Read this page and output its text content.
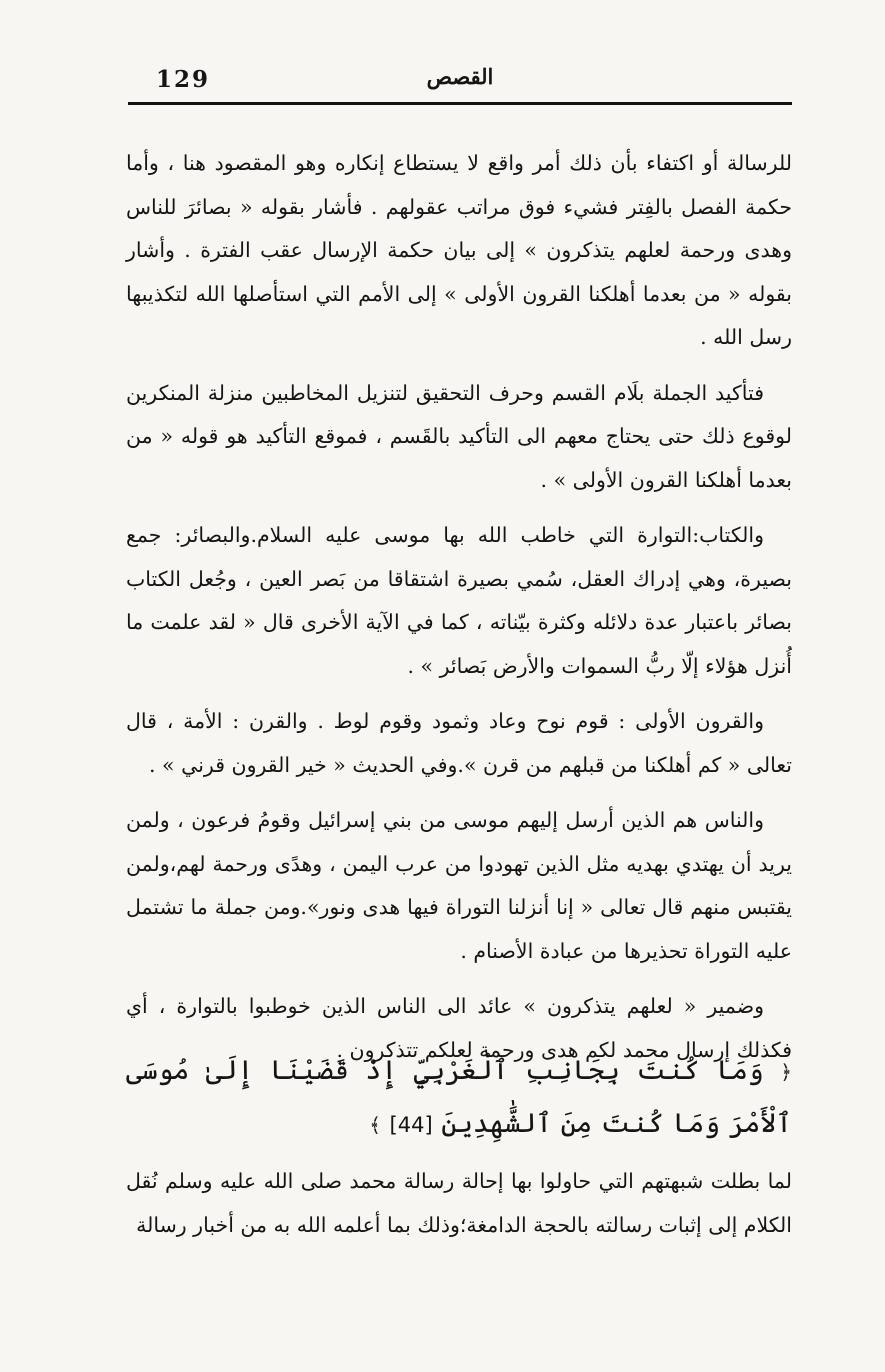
القصص
129

للرسالة أو اكتفاء بأن ذلك أمر واقع لا يستطاع إنكاره وهو المقصود هنا ، وأما حكمة الفصل بالفِتر فشيء فوق مراتب عقولهم . فأشار بقوله « بصائرَ للناس وهدى ورحمة لعلهم يتذكرون » إلى بيان حكمة الإرسال عقب الفترة . وأشار بقوله « من بعدما أهلكنا القرون الأولى » إلى الأمم التي استأصلها الله لتكذيبها رسل الله .

فتأكيد الجملة بلَام القسم وحرف التحقيق لتنزيل المخاطبين منزلة المنكرين لوقوع ذلك حتى يحتاج معهم الى التأكيد بالقَسم ، فموقع التأكيد هو قوله « من بعدما أهلكنا القرون الأولى » .

والكتاب:التوارة التي خاطب الله بها موسى عليه السلام.والبصائر: جمع بصيرة، وهي إدراك العقل، سُمي بصيرة اشتقاقا من بَصر العين ، وجُعل الكتاب بصائر باعتبار عدة دلائله وكثرة بيّناته ، كما في الآية الأخرى قال « لقد علمت ما أُنزل هؤلاء إلّا ربُّ السموات والأرض بَصائر » .

والقرون الأولى : قوم نوح وعاد وثمود وقوم لوط . والقرن : الأمة ، قال تعالى « كم أهلكنا من قبلهم من قرن ».وفي الحديث « خير القرون قرني » .

والناس هم الذين أرسل إليهم موسى من بني إسرائيل وقومُ فرعون ، ولمن يريد أن يهتدي بهديه مثل الذين تهودوا من عرب اليمن ، وهدًى ورحمة لهم،ولمن يقتبس منهم قال تعالى « إنا أنزلنا التوراة فيها هدى ونور».ومن جملة ما تشتمل عليه التوراة تحذيرها من عبادة الأصنام .

وضمير « لعلهم يتذكرون » عائد الى الناس الذين خوطبوا بالتوارة ، أي فكذلك إرسال محمد لكم هدى ورحمة لعلكم تتذكرون .

﴿ وَمَا كُنتَ بِجَانِبِ ٱلْغَرْبِيِّ إِذْ قَضَيْنَا إِلَىٰ مُوسَى ٱلْأَمْرَ وَمَا كُنتَ مِنَ ٱلشَّٰهِدِينَ [44] ﴾
لما بطلت شبهتهم التي حاولوا بها إحالة رسالة محمد صلى الله عليه وسلم نُقل الكلام إلى إثبات رسالته بالحجة الدامغة؛وذلك بما أعلمه الله به من أخبار رسالة
